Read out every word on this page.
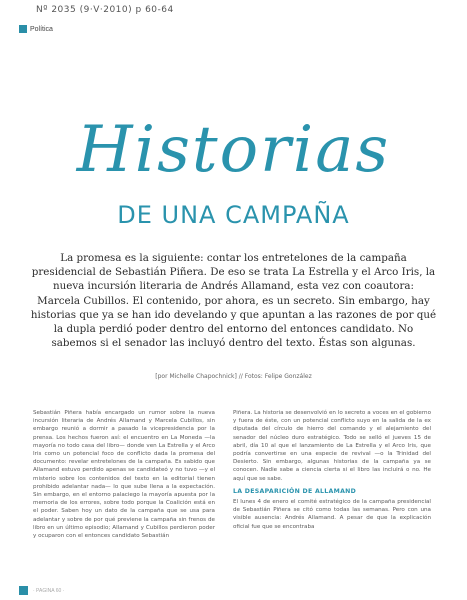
Nº 2035 (9·V·2010) p 60-64
Política
Historias
DE UNA CAMPAÑA
La promesa es la siguiente: contar los entretelones de la campaña presidencial de Sebastián Piñera. De eso se trata La Estrella y el Arco Iris, la nueva incursión literaria de Andrés Allamand, esta vez con coautora: Marcela Cubillos. El contenido, por ahora, es un secreto. Sin embargo, hay historias que ya se han ido develando y que apuntan a las razones de por qué la dupla perdió poder dentro del entorno del entonces candidato. No sabemos si el senador las incluyó dentro del texto. Éstas son algunas.
[por Michelle Chapochnick] // Fotos: Felipe González

Sebastián Piñera había encargado un rumor sobre la nueva incursión literaria de Andrés Allamand y Marcela Cubillos, sin embargo reunió a dormir a pasado la vicepresidencia por la prensa. Los hechos fueron así: el encuentro en La Moneda —la mayoría no todo casa del libro— donde ven La Estrella y el Arco Iris como un potencial foco de conflicto dada la promesa del documento: revelar entretelones de la campaña. Es sabido que Allamand estuvo perdido apenas se candidateó y no tuvo —y el misterio sobre los contenidos del texto en la editorial tienen prohibido adelantar nada— lo que sube llena a la expectación. Sin embargo, en el entorno palaciego la mayoría apuesta por la memoria de los errores, sobre todo porque la Coalición está en el poder. Saben hoy un dato de la campaña que se usa para adelantar y sobre de por qué previene la campaña sin frenos de libro en un último episodio; Allamand y Cubillos perdieron poder y ocuparon con el entonces candidato Sebastián

Piñera. La historia se desenvolvió en lo secreto a voces en el gobierno y fuera de éste, con un potencial conflicto suyo en la salida de la ex diputada del círculo de hierro del comando y el alejamiento del senador del núcleo duro estratégico. Todo se selló el jueves 15 de abril, día 10 al que el lanzamiento de La Estrella y el Arco Iris, que podría convertirse en una especie de revival —o la Trinidad del Desierto. Sin embargo, algunas historias de la campaña ya se conocen. Nadie sabe a ciencia cierta si el libro las incluirá o no. He aquí que se sabe.

LA DESAPARICIÓN DE ALLAMAND

El lunes 4 de enero el comité estratégico de la campaña presidencial de Sebastián Piñera se citó como todas las semanas. Pero con una visible ausencia: Andrés Allamand. A pesar de que la explicación oficial fue que se encontraba

· PAGINA 60 ·
